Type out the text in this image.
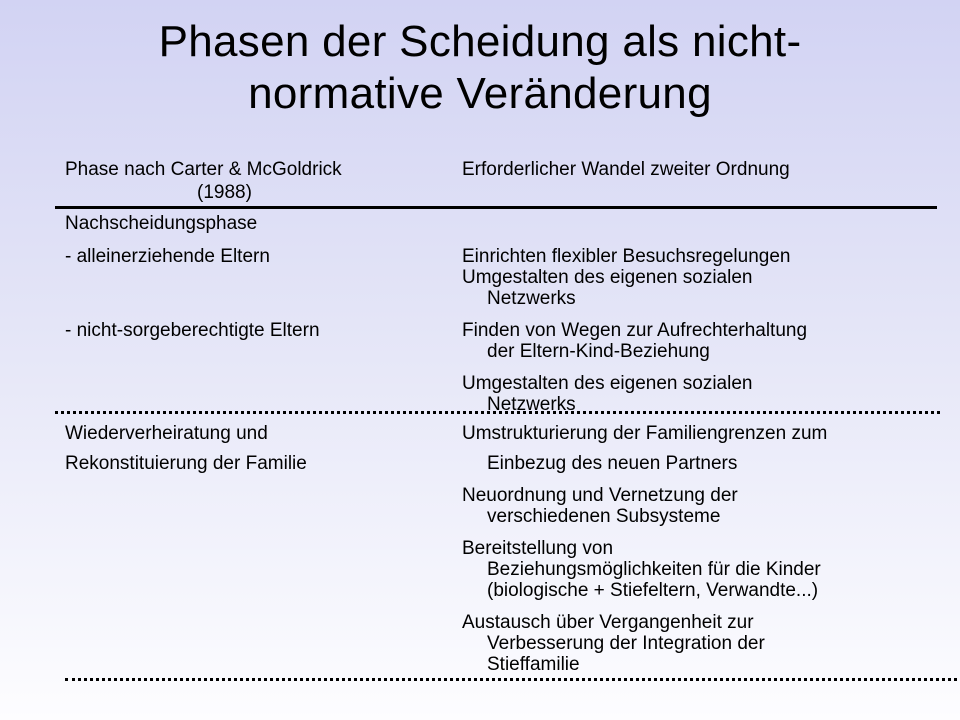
Phasen der Scheidung als nicht-
normative Veränderung
Phase nach Carter & McGoldrick
(1988)
Erforderlicher Wandel zweiter Ordnung
Nachscheidungsphase
- alleinerziehende Eltern	Einrichten flexibler Besuchsregelungen
Umgestalten des eigenen sozialen
Netzwerks
- nicht-sorgeberechtigte Eltern	Finden von Wegen zur Aufrechterhaltung
der Eltern-Kind-Beziehung
Umgestalten des eigenen sozialen
Netzwerks
Wiederverheiratung und
Rekonstituierung der Familie
Umstrukturierung der Familiengrenzen zum
Einbezug des neuen Partners
Neuordnung und Vernetzung der
verschiedenen Subsysteme
Bereitstellung von
Beziehungsmöglichkeiten für die Kinder
(biologische + Stiefeltern, Verwandte...)
Austausch über Vergangenheit zur
Verbesserung der Integration der
Stieffamilie
